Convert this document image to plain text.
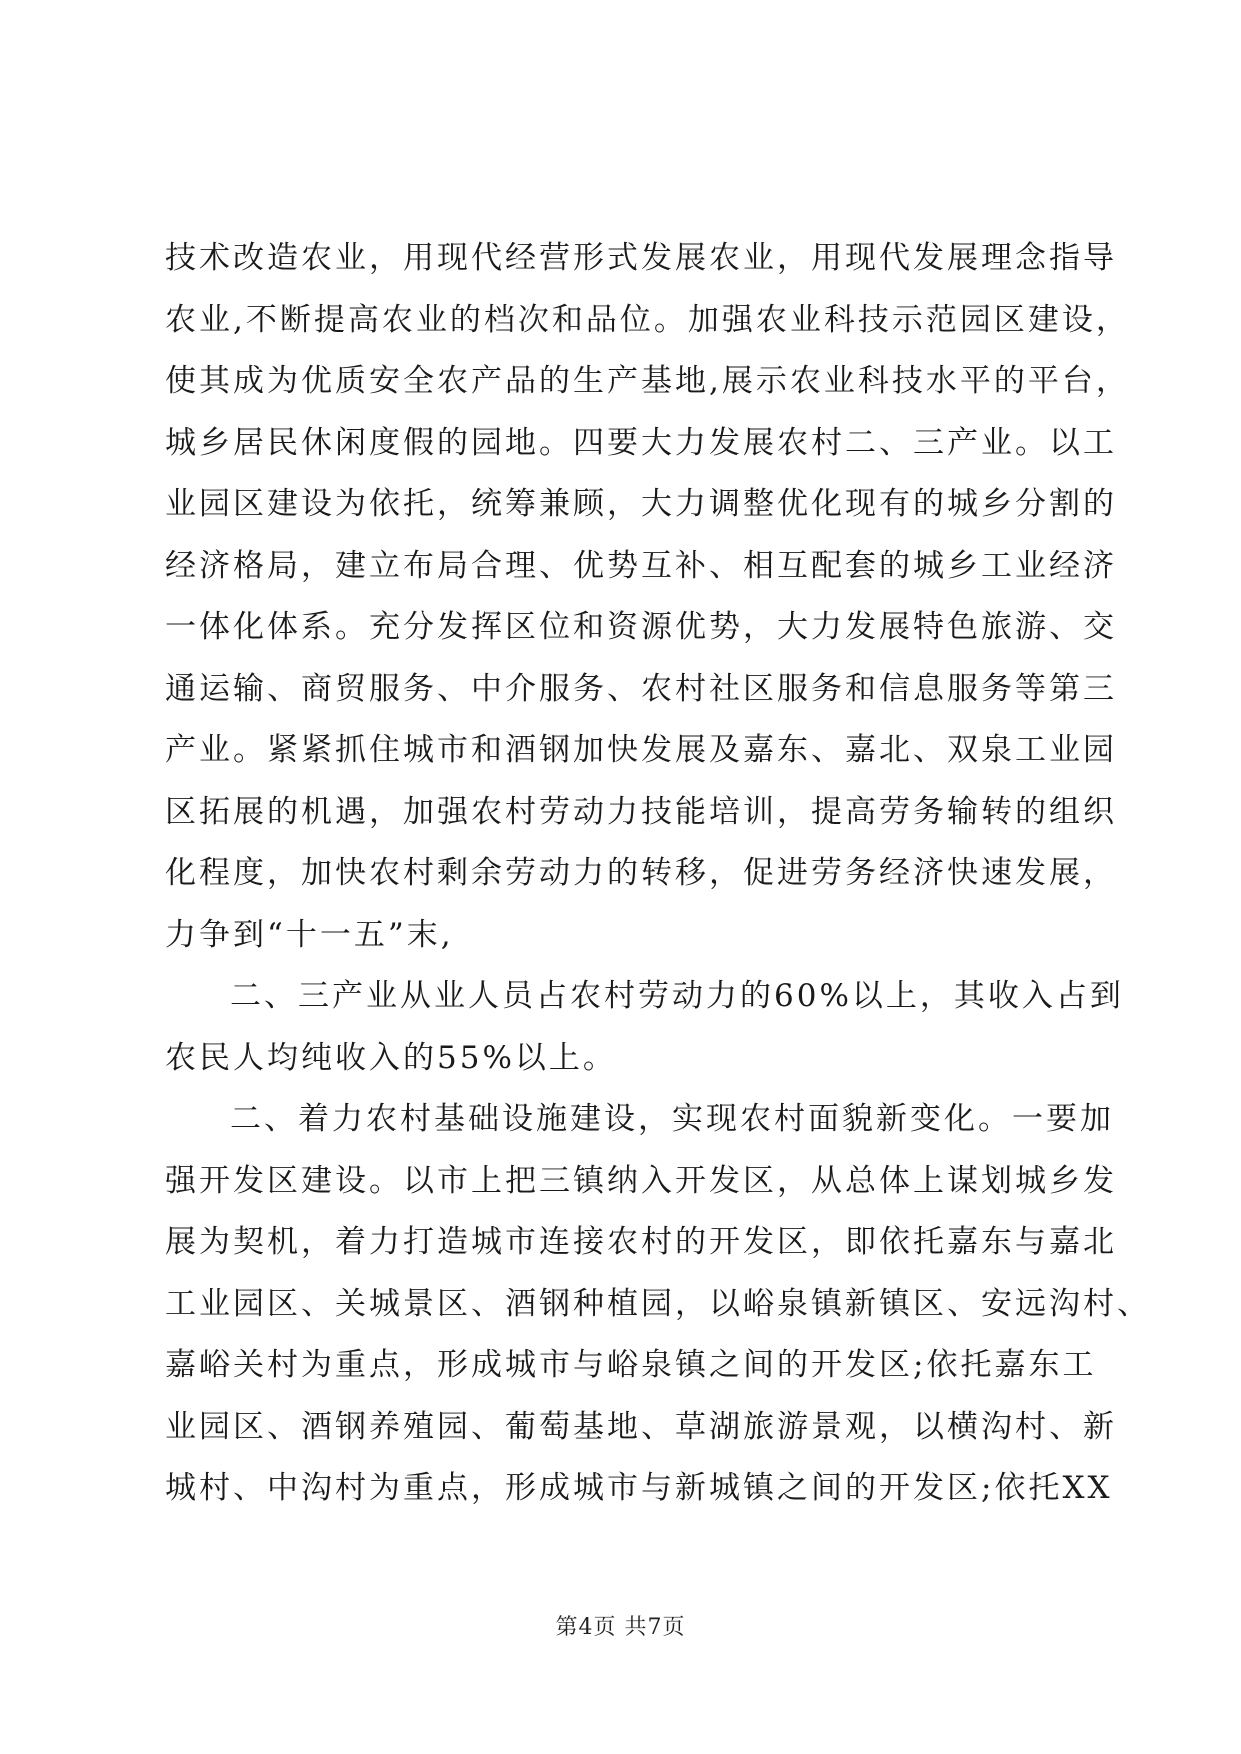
技术改造农业，用现代经营形式发展农业，用现代发展理念指导
农业,不断提高农业的档次和品位。加强农业科技示范园区建设，
使其成为优质安全农产品的生产基地,展示农业科技水平的平台，
城乡居民休闲度假的园地。四要大力发展农村二、三产业。以工
业园区建设为依托，统筹兼顾，大力调整优化现有的城乡分割的
经济格局，建立布局合理、优势互补、相互配套的城乡工业经济
一体化体系。充分发挥区位和资源优势，大力发展特色旅游、交
通运输、商贸服务、中介服务、农村社区服务和信息服务等第三
产业。紧紧抓住城市和酒钢加快发展及嘉东、嘉北、双泉工业园
区拓展的机遇，加强农村劳动力技能培训，提高劳务输转的组织
化程度，加快农村剩余劳动力的转移，促进劳务经济快速发展，
力争到“十一五”末,
二、三产业从业人员占农村劳动力的60%以上，其收入占到
农民人均纯收入的55%以上。
二、着力农村基础设施建设，实现农村面貌新变化。一要加
强开发区建设。以市上把三镇纳入开发区，从总体上谋划城乡发
展为契机，着力打造城市连接农村的开发区，即依托嘉东与嘉北
工业园区、关城景区、酒钢种植园，以峪泉镇新镇区、安远沟村、
嘉峪关村为重点，形成城市与峪泉镇之间的开发区;依托嘉东工
业园区、酒钢养殖园、葡萄基地、草湖旅游景观，以横沟村、新
城村、中沟村为重点，形成城市与新城镇之间的开发区;依托XX
第4页 共7页
